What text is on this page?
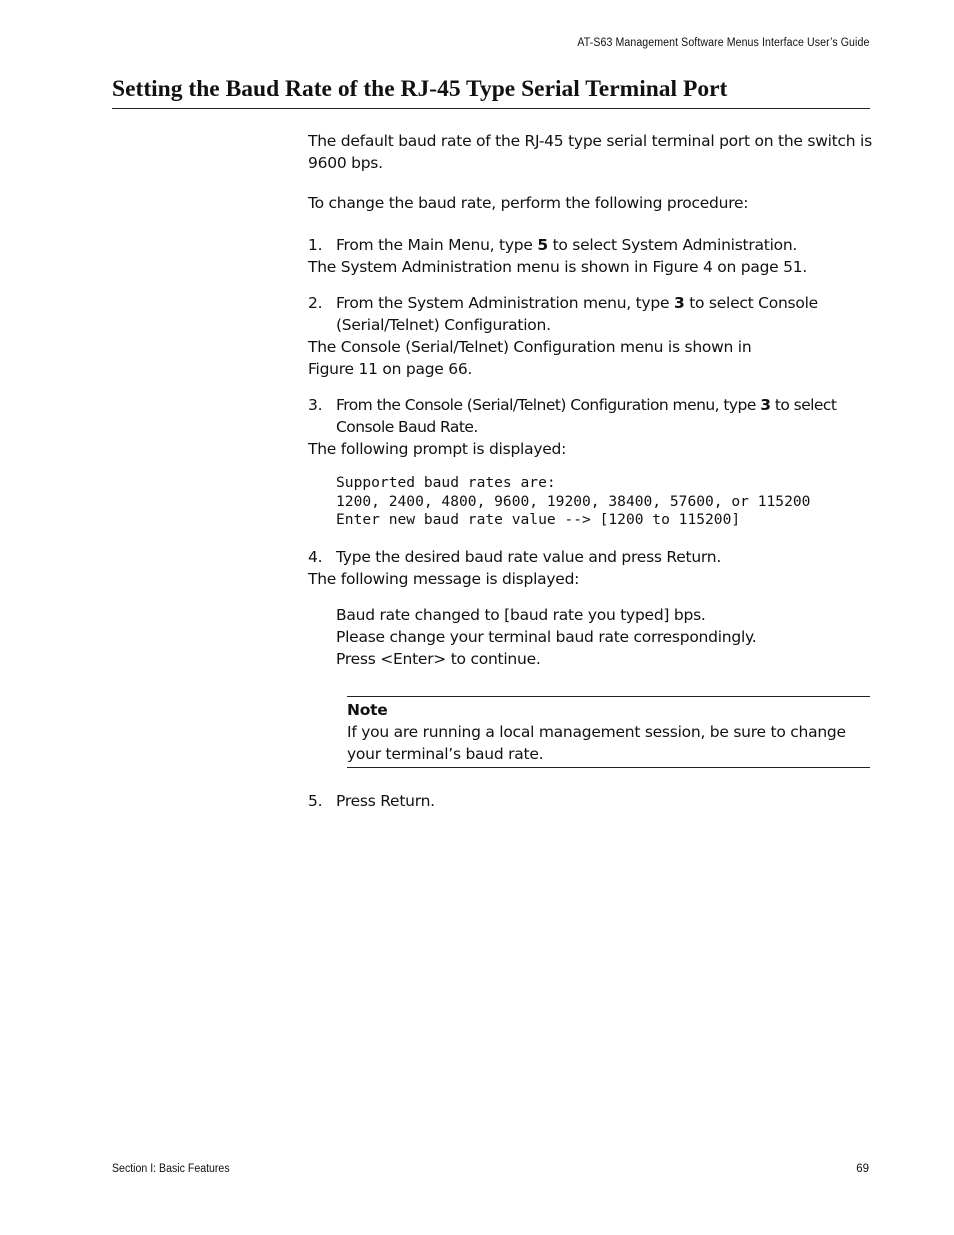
AT-S63 Management Software Menus Interface User’s Guide
Setting the Baud Rate of the RJ-45 Type Serial Terminal Port

The default baud rate of the RJ-45 type serial terminal port on the switch is 9600 bps.

To change the baud rate, perform the following procedure:

1. From the Main Menu, type 5 to select System Administration.

The System Administration menu is shown in Figure 4 on page 51.

2. From the System Administration menu, type 3 to select Console (Serial/Telnet) Configuration.

The Console (Serial/Telnet) Configuration menu is shown in Figure 11 on page 66.

3. From the Console (Serial/Telnet) Configuration menu, type 3 to select Console Baud Rate.

The following prompt is displayed:

Supported baud rates are:
1200, 2400, 4800, 9600, 19200, 38400, 57600, or 115200
Enter new baud rate value --> [1200 to 115200]
4. Type the desired baud rate value and press Return.

The following message is displayed:

Baud rate changed to [baud rate you typed] bps.
Please change your terminal baud rate correspondingly.
Press <Enter> to continue.
Note
If you are running a local management session, be sure to change your terminal’s baud rate.
5. Press Return.
Section I: Basic Features	69
